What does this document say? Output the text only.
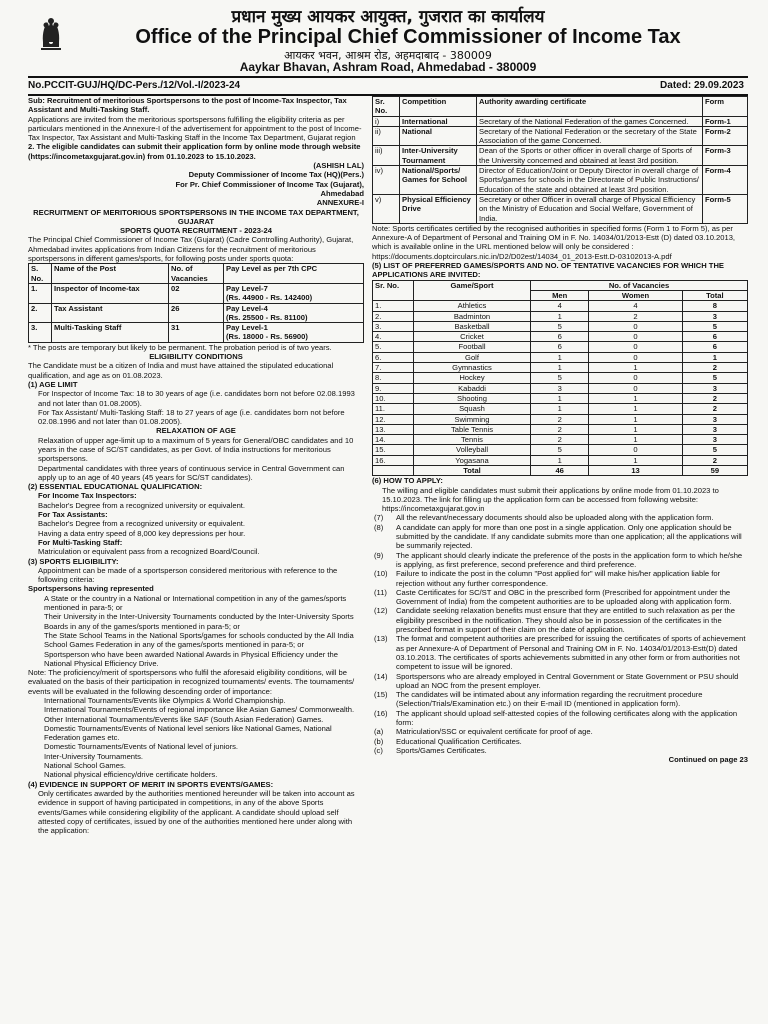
प्रधान मुख्य आयकर आयुक्त, गुजरात का कार्यालय
Office of the Principal Chief Commissioner of Income Tax
आयकर भवन, आश्रम रोड, अहमदाबाद - 380009
Aaykar Bhavan, Ashram Road, Ahmedabad - 380009
No.PCCIT-GUJ/HQ/DC-Pers./12/Vol.-I/2023-24	Dated: 29.09.2023

Sub: Recruitment of meritorious Sportspersons to the post of Income-Tax Inspector, Tax Assistant and Multi-Tasking Staff.

Applications are invited from the meritorious sportspersons fulfilling the eligibility criteria as per particulars mentioned in the Annexure-I of the advertisement for appointment to the post of Income-Tax Inspector, Tax Assistant and Multi-Tasking Staff in the Income Tax Department, Gujarat region

2. The eligible candidates can submit their application form by online mode through website (https://incometaxgujarat.gov.in) from 01.10.2023 to 15.10.2023.

(ASHISH LAL)

Deputy Commissioner of Income Tax (HQ)(Pers.)

For Pr. Chief Commissioner of Income Tax (Gujarat),

Ahmedabad

ANNEXURE-I

RECRUITMENT OF MERITORIOUS SPORTSPERSONS IN THE INCOME TAX DEPARTMENT, GUJARAT

SPORTS QUOTA RECRUITMENT - 2023-24

The Principal Chief Commissioner of Income Tax (Gujarat) (Cadre Controlling Authority), Gujarat, Ahmedabad invites applications from Indian Citizens for the recruitment of meritorious sportspersons in different games/sports, for following posts under sports quota:

S. No.	Name of the Post	No. of Vacancies	Pay Level as per 7th CPC
1.	Inspector of Income-tax	02	Pay Level-7
(Rs. 44900 - Rs. 142400)

2.	Tax Assistant	26	Pay Level-4
(Rs. 25500 - Rs. 81100)

3.	Multi-Tasking Staff	31	Pay Level-1
(Rs. 18000 - Rs. 56900)

* The posts are temporary but likely to be permanent. The probation period is of two years.

ELIGIBILITY CONDITIONS

The Candidate must be a citizen of India and must have attained the stipulated educational qualification, and age as on 01.08.2023.

(1) AGE LIMIT

For Inspector of Income Tax: 18 to 30 years of age (i.e. candidates born not before 02.08.1993 and not later than 01.08.2005).

For Tax Assistant/ Multi-Tasking Staff: 18 to 27 years of age (i.e. candidates born not before 02.08.1996 and not later than 01.08.2005).

RELAXATION OF AGE

Relaxation of upper age-limit up to a maximum of 5 years for General/OBC candidates and 10 years in the case of SC/ST candidates, as per Govt. of India instructions for meritorious sportspersons.

Departmental candidates with three years of continuous service in Central Government can apply up to an age of 40 years (45 years for SC/ST candidates).

(2) ESSENTIAL EDUCATIONAL QUALIFICATION:

For Income Tax Inspectors:

Bachelor's Degree from a recognized university or equivalent.

For Tax Assistants:

Bachelor's Degree from a recognized university or equivalent.

Having a data entry speed of 8,000 key depressions per hour.

For Multi-Tasking Staff:

Matriculation or equivalent pass from a recognized Board/Council.

(3) SPORTS ELIGIBILITY:

Appointment can be made of a sportsperson considered meritorious with reference to the following criteria:

Sportspersons having represented

A State or the country in a National or International competition in any of the games/sports mentioned in para-5; or

Their University in the Inter-University Tournaments conducted by the Inter-University Sports Boards in any of the games/sports mentioned in para-5; or

The State School Teams in the National Sports/games for schools conducted by the All India School Games Federation in any of the games/sports mentioned in para-5; or

Sportsperson who have been awarded National Awards in Physical Efficiency under the National Physical Efficiency Drive.

Note: The proficiency/merit of sportspersons who fulfil the aforesaid eligibility conditions, will be evaluated on the basis of their participation in recognized tournaments/ events. The tournaments/ events will be evaluated in the following descending order of importance:

International Tournaments/Events like Olympics & World Championship.

International Tournaments/Events of regional importance like Asian Games/ Commonwealth.

Other International Tournaments/Events like SAF (South Asian Federation) Games.

Domestic Tournaments/Events of National level seniors like National Games, National Federation games etc.

Domestic Tournaments/Events of National level of juniors.

Inter-University Tournaments.

National School Games.

National physical efficiency/drive certificate holders.

(4) EVIDENCE IN SUPPORT OF MERIT IN SPORTS EVENTS/GAMES:

Only certificates awarded by the authorities mentioned hereunder will be taken into account as evidence in support of having participated in competitions, in any of the above Sports events/Games while considering eligibility of the applicant. A candidate should upload self attested copy of certificates, issued by one of the authorities mentioned here under along with the application:

Sr. No.	Competition	Authority awarding certificate	Form
i)	International	Secretary of the National Federation of the games Concerned.	Form-1
ii)	National	Secretary of the National Federation or the secretary of the State Association of the game Concerned.	Form-2
iii)	Inter-University Tournament	Dean of the Sports or other officer in overall charge of Sports of the University concerned and obtained at least 3rd position.	Form-3
iv)	National/Sports/ Games for School	Director of Education/Joint or Deputy Director in overall charge of Sports/games for schools in the Directorate of Public Instructions/ Education of the state and obtained at least 3rd position.	Form-4
v)	Physical Efficiency Drive	Secretary or other Officer in overall charge of Physical Efficiency on the Ministry of Education and Social Welfare, Government of India.	Form-5

Note: Sports certificates certified by the recognised authorities in specified forms (Form 1 to Form 5), as per Annexure-A of Department of Personal and Training OM in F. No. 14034/01/2013-Estt (D) dated 03.10.2013, which is available online in the URL mentioned below will only be considered : https://documents.doptcirculars.nic.in/D2/D02est/14034_01_2013-Estt.D-03102013-A.pdf

(5) LIST OF PREFERRED GAMES/SPORTS AND NO. OF TENTATIVE VACANCIES FOR WHICH THE APPLICATIONS ARE INVITED:

Sr. No.	Game/Sport	No. of Vacancies		
		Men	Women	Total
1.	Athletics	4	4	8
2.	Badminton	1	2	3
3.	Basketball	5	0	5
4.	Cricket	6	0	6
5.	Football	6	0	6
6.	Golf	1	0	1
7.	Gymnastics	1	1	2
8.	Hockey	5	0	5
9.	Kabaddi	3	0	3
10.	Shooting	1	1	2
11.	Squash	1	1	2
12.	Swimming	2	1	3
13.	Table Tennis	2	1	3
14.	Tennis	2	1	3
15.	Volleyball	5	0	5
16.	Yogasana	1	1	2
	Total	46	13	59

(6) HOW TO APPLY:

The willing and eligible candidates must submit their applications by online mode from 01.10.2023 to 15.10.2023. The link for filling up the application form can be accessed from following website: https://incometaxgujarat.gov.in

(7)	All the relevant/necessary documents should also be uploaded along with the application form.
(8)	A candidate can apply for more than one post in a single application. Only one application should be submitted by the candidate. If any candidate submits more than one application; all the applications will be summarily rejected.
(9)	The applicant should clearly indicate the preference of the posts in the application form to which he/she is applying, as first preference, second preference and third preference.
(10)	Failure to indicate the post in the column "Post applied for" will make his/her application liable for rejection without any further correspondence.
(11)	Caste Certificates for SC/ST and OBC in the prescribed form (Prescribed for appointment under the Government of India) from the competent authorities are to be uploaded along with application form.
(12)	Candidate seeking relaxation benefits must ensure that they are entitled to such relaxation as per the eligibility prescribed in the notification. They should also be in possession of the certificates in the prescribed format in support of their claim on the date of application.
(13)	The format and competent authorities are prescribed for issuing the certificates of sports of achievement as per Annexure-A of Department of Personal and Training OM in F. No. 14034/01/2013-Estt(D) dated 03.10.2013. The certificates of sports achievements submitted in any other form or from authorities not competent to issue will be ignored.
(14)	Sportspersons who are already employed in Central Government or State Government or PSU should upload an NOC from the present employer.
(15)	The candidates will be intimated about any information regarding the recruitment procedure (Selection/Trials/Examination etc.) on their E-mail ID (mentioned in application form).
(16)	The applicant should upload self-attested copies of the following certificates along with the application form:
(a)	Matriculation/SSC or equivalent certificate for proof of age.
(b)	Educational Qualification Certificates.
(c)	Sports/Games Certificates.

Continued on page 23
